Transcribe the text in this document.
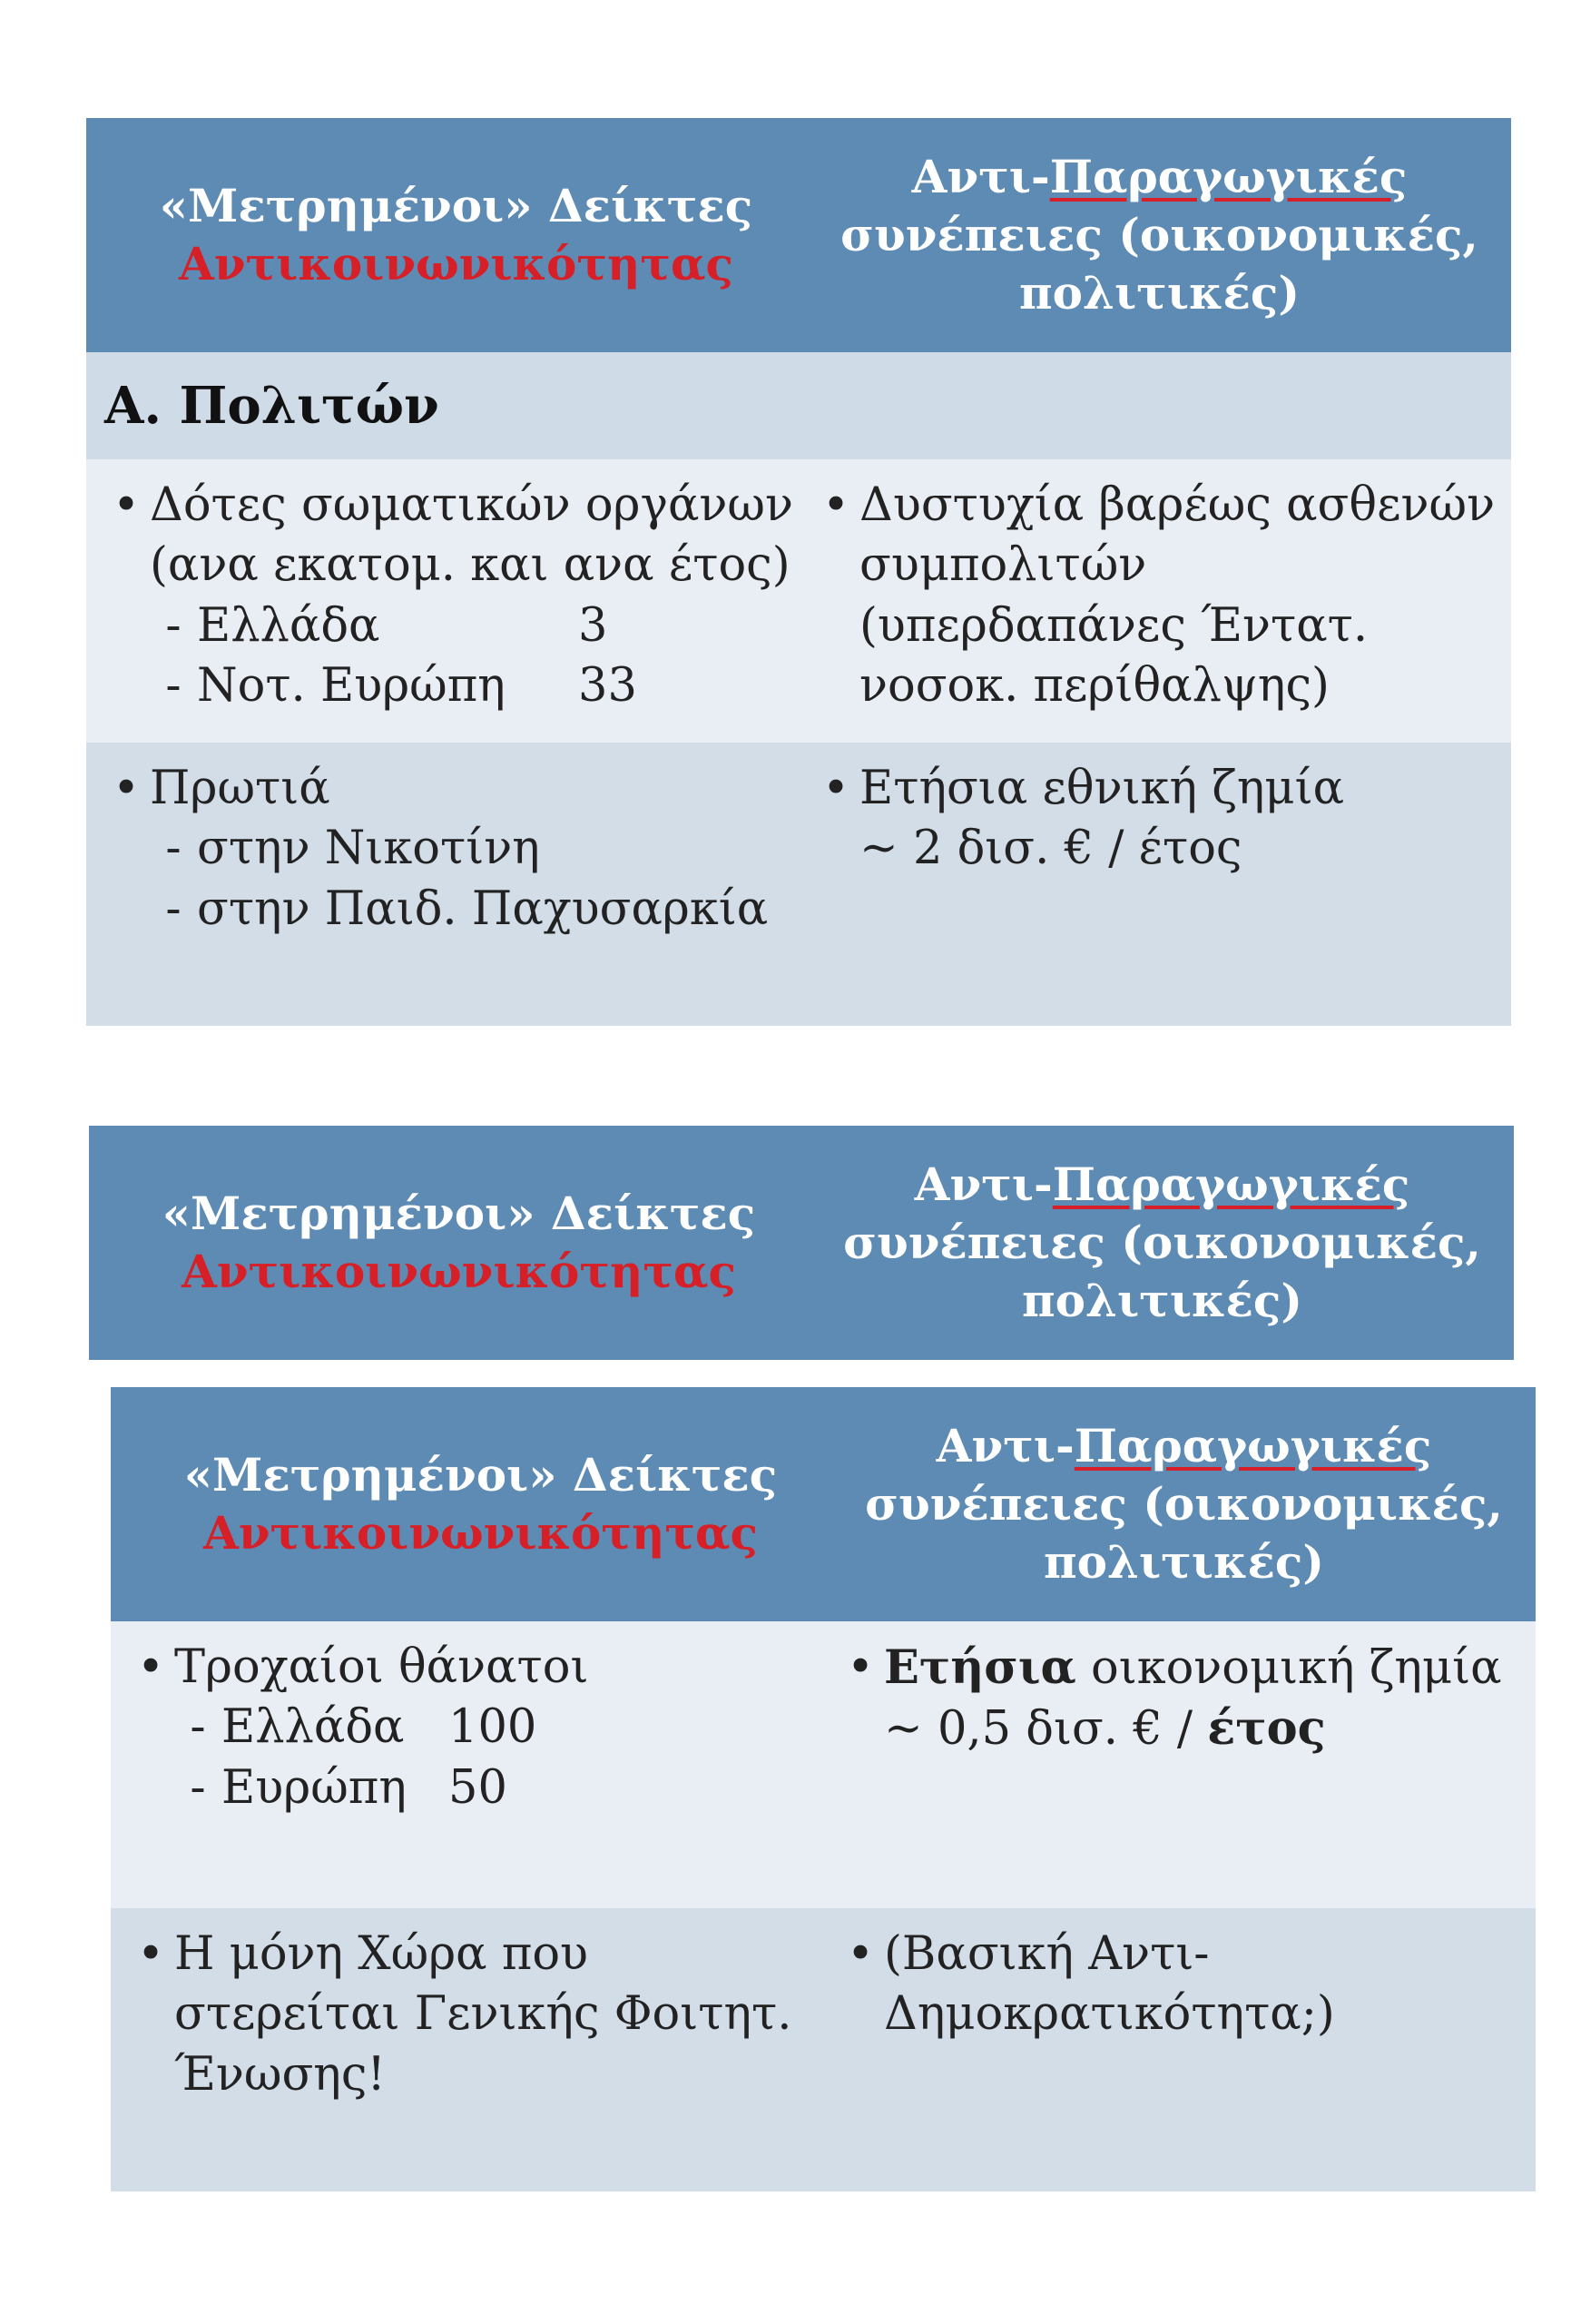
«Μετρημένοι» Δείκτες
Αντικοινωνικότητας
Αντι-Παραγωγικές
συνέπειες (οικονομικές,
πολιτικές)
Α. Πολιτών
• Δότες σωματικών οργάνων
(ανα εκατομ. και ανα έτος)
- Ελλάδα	3
- Νοτ. Ευρώπη	33
• Δυστυχία βαρέως ασθενών
συμπολιτών
(υπερδαπάνες Έντατ.
νοσοκ. περίθαλψης)
• Πρωτιά
- στην Νικοτίνη
- στην Παιδ. Παχυσαρκία
• Ετήσια εθνική ζημία
~ 2 δισ. € / έτος
«Μετρημένοι» Δείκτες
Αντικοινωνικότητας
Αντι-Παραγωγικές
συνέπειες (οικονομικές,
πολιτικές)
«Μετρημένοι» Δείκτες
Αντικοινωνικότητας
Αντι-Παραγωγικές
συνέπειες (οικονομικές,
πολιτικές)
• Τροχαίοι θάνατοι
- Ελλάδα 100
- Ευρώπη 50
• Ετήσια οικονομική ζημία
~ 0,5 δισ. € / έτος
• Η μόνη Χώρα που
στερείται Γενικής Φοιτητ.
Ένωσης!
• (Βασική Αντι-
Δημοκρατικότητα;)
